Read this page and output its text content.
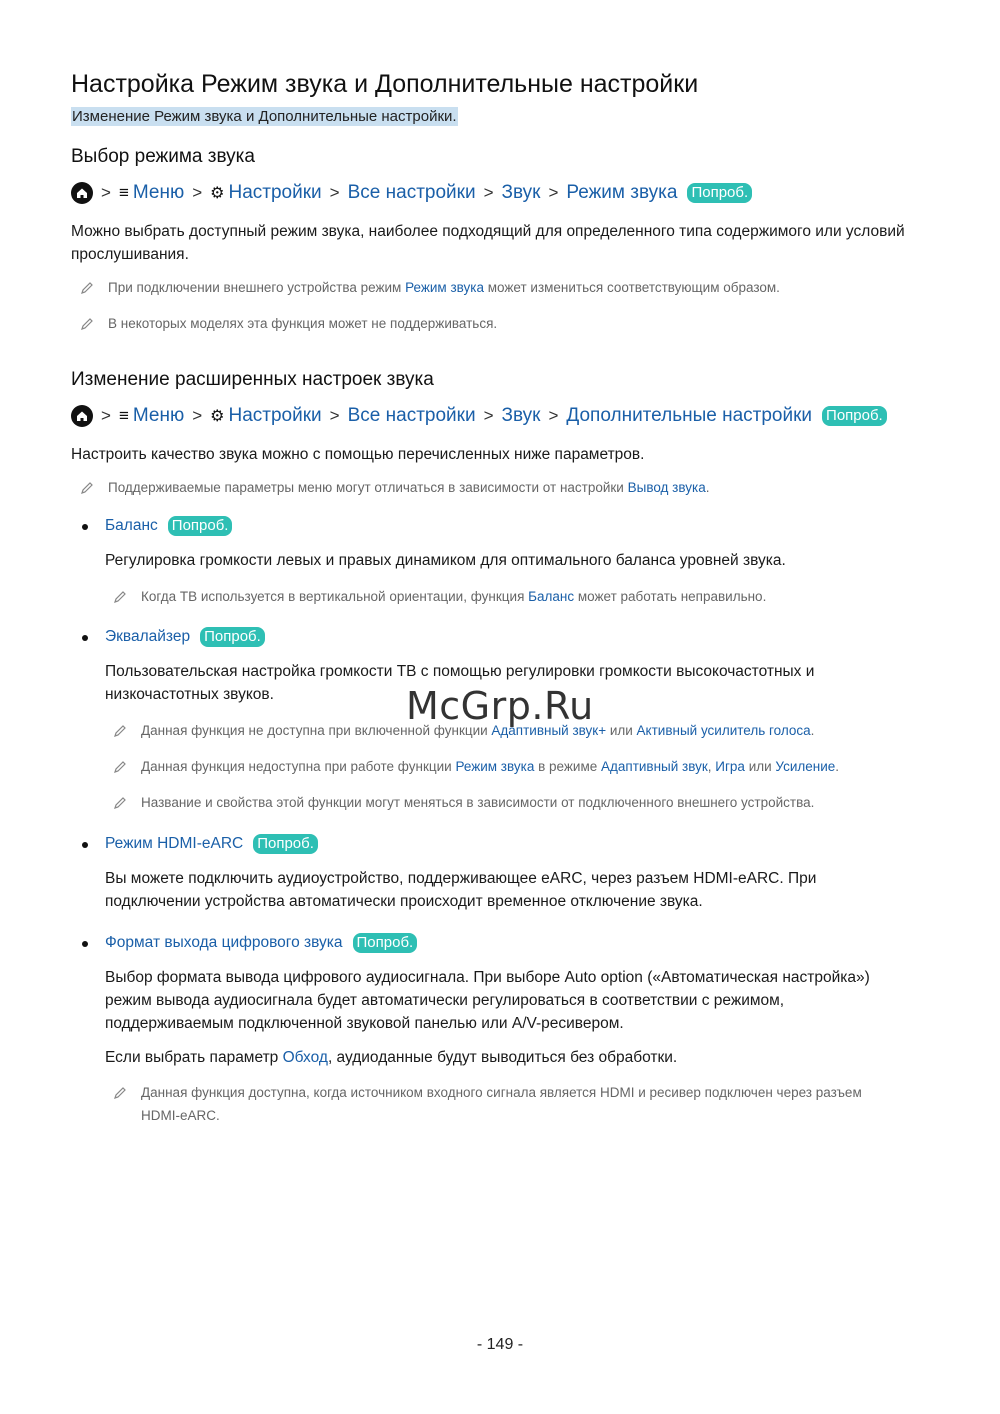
Настройка Режим звука и Дополнительные настройки
Изменение Режим звука и Дополнительные настройки.
Выбор режима звука
> ≡ Меню > ⚙ Настройки > Все настройки > Звук > Режим звука Попроб.
Можно выбрать доступный режим звука, наиболее подходящий для определенного типа содержимого или условий прослушивания.
При подключении внешнего устройства режим Режим звука может измениться соответствующим образом.
В некоторых моделях эта функция может не поддерживаться.
Изменение расширенных настроек звука
> ≡ Меню > ⚙ Настройки > Все настройки > Звук > Дополнительные настройки Попроб.
Настроить качество звука можно с помощью перечисленных ниже параметров.
Поддерживаемые параметры меню могут отличаться в зависимости от настройки Вывод звука.
Баланс Попроб.
Регулировка громкости левых и правых динамиком для оптимального баланса уровней звука.
Когда ТВ используется в вертикальной ориентации, функция Баланс может работать неправильно.
Эквалайзер Попроб.
Пользовательская настройка громкости ТВ с помощью регулировки громкости высокочастотных и
низкочастотных звуков.
Данная функция не доступна при включенной функции Адаптивный звук+ или Активный усилитель голоса.
Данная функция недоступна при работе функции Режим звука в режиме Адаптивный звук, Игра или Усиление.
Название и свойства этой функции могут меняться в зависимости от подключенного внешнего устройства.
Режим HDMI-eARC Попроб.
Вы можете подключить аудиоустройство, поддерживающее eARC, через разъем HDMI-eARC. При
подключении устройства автоматически происходит временное отключение звука.
Формат выхода цифрового звука Попроб.
Выбор формата вывода цифрового аудиосигнала. При выборе Auto option («Автоматическая настройка»)
режим вывода аудиосигнала будет автоматически регулироваться в соответствии с режимом,
поддерживаемым подключенной звуковой панелью или A/V-ресивером.
Если выбрать параметр Обход, аудиоданные будут выводиться без обработки.
Данная функция доступна, когда источником входного сигнала является HDMI и ресивер подключен через разъем
HDMI-eARC.
McGrp.Ru
- 149 -
